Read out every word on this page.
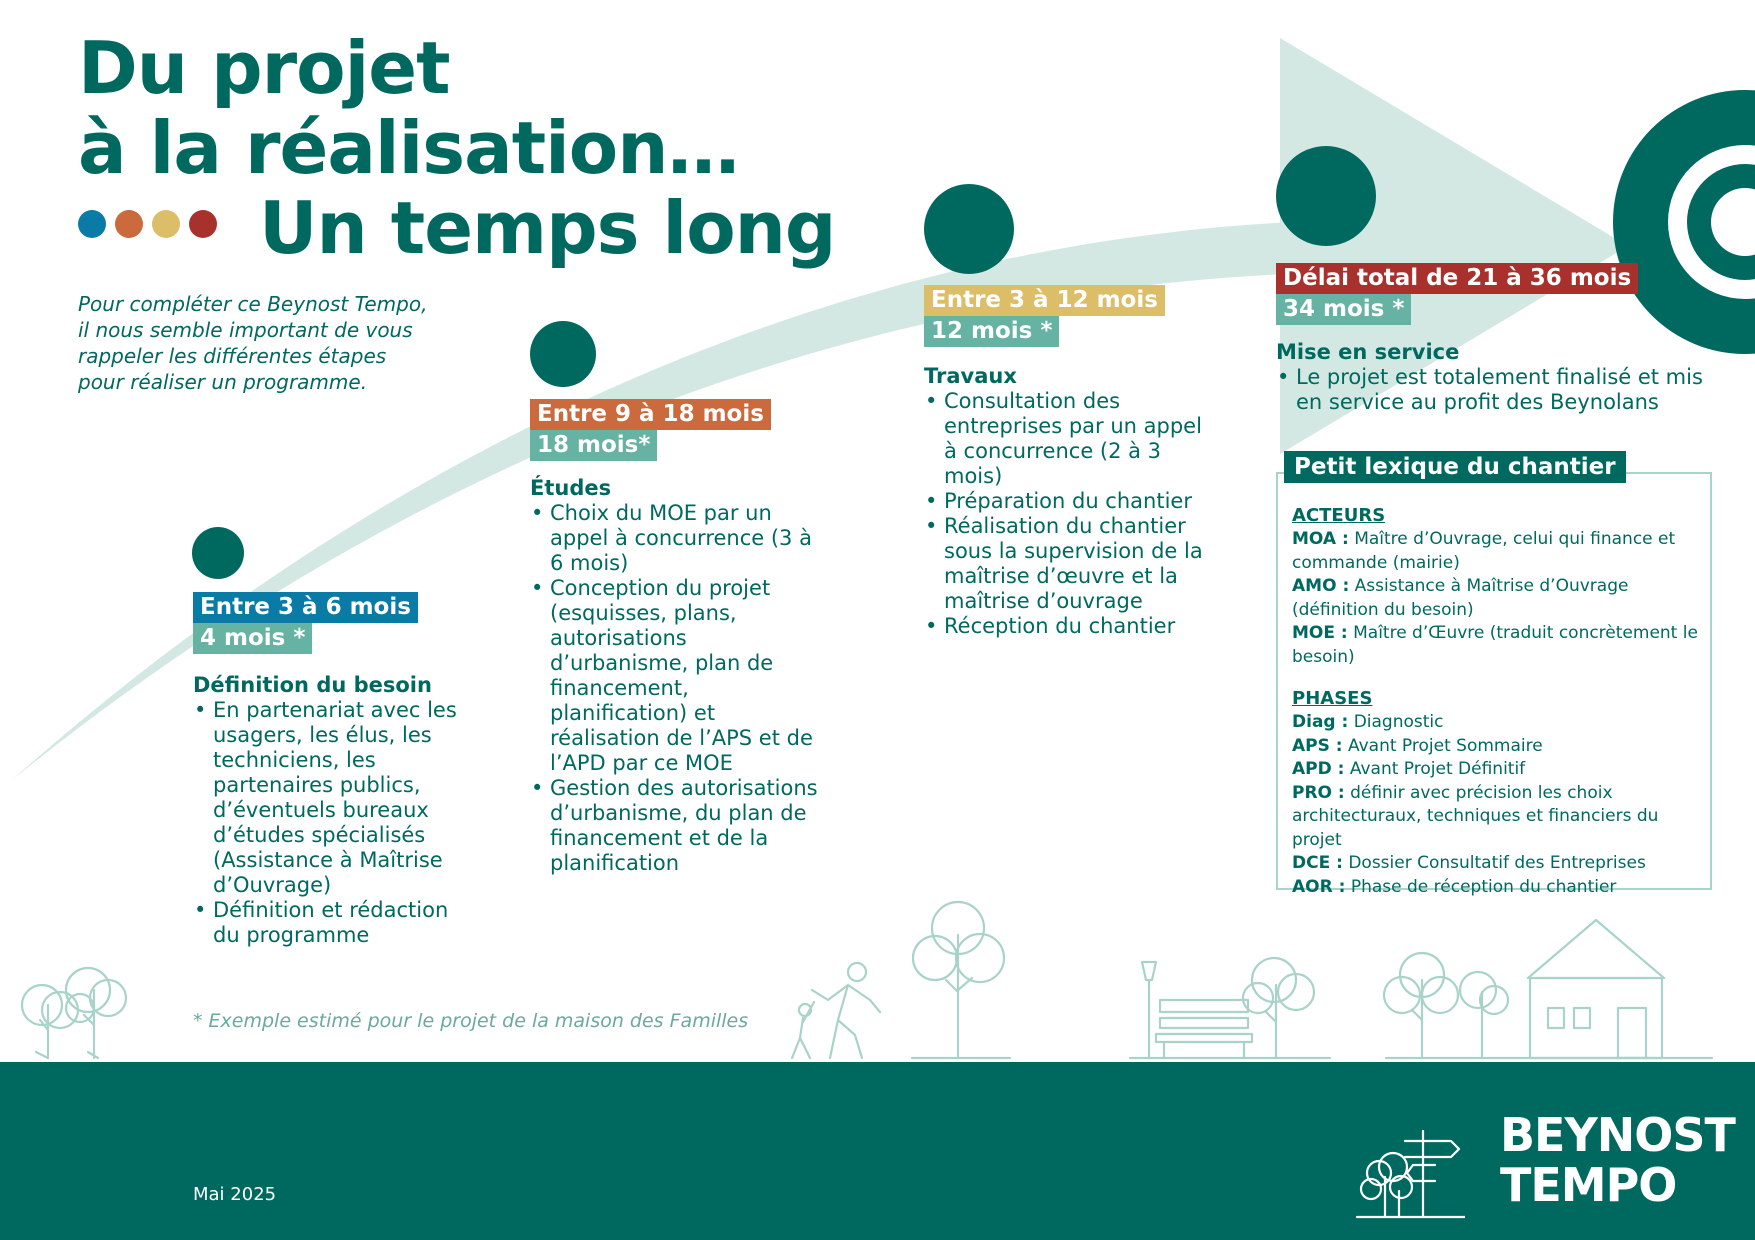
Du projet
à la réalisation…
Un temps long
Pour compléter ce Beynost Tempo,
il nous semble important de vous
rappeler les différentes étapes
pour réaliser un programme.
Entre 3 à 6 mois
4 mois *
Définition du besoin
• En partenariat avec les usagers, les élus, les techniciens, les partenaires publics, d’éventuels bureaux d’études spécialisés (Assistance à Maîtrise d’Ouvrage)
• Définition et rédaction du programme
Entre 9 à 18 mois
18 mois*
Études
• Choix du MOE par un appel à concurrence (3 à 6 mois)
• Conception du projet (esquisses, plans, autorisations d’urbanisme, plan de financement, planification) et réalisation de l’APS et de l’APD par ce MOE
• Gestion des autorisations d’urbanisme, du plan de financement et de la planification
Entre 3 à 12 mois
12 mois *
Travaux
• Consultation des entreprises par un appel à concurrence (2 à 3 mois)
• Préparation du chantier
• Réalisation du chantier sous la supervision de la maîtrise d’œuvre et la maîtrise d’ouvrage
• Réception du chantier
Délai total de 21 à 36 mois
34 mois *
Mise en service
• Le projet est totalement finalisé et mis en service au profit des Beynolans
ACTEURS
MOA : Maître d’Ouvrage, celui qui finance et commande (mairie)
AMO : Assistance à Maîtrise d’Ouvrage (définition du besoin)
MOE : Maître d’Œuvre (traduit concrètement le besoin)
PHASES
Diag : Diagnostic
APS : Avant Projet Sommaire
APD : Avant Projet Définitif
PRO : définir avec précision les choix architecturaux, techniques et financiers du projet
DCE : Dossier Consultatif des Entreprises
AOR : Phase de réception du chantier
Petit lexique du chantier
* Exemple estimé pour le projet de la maison des Familles
Mai 2025
BEYNOST
TEMPO
